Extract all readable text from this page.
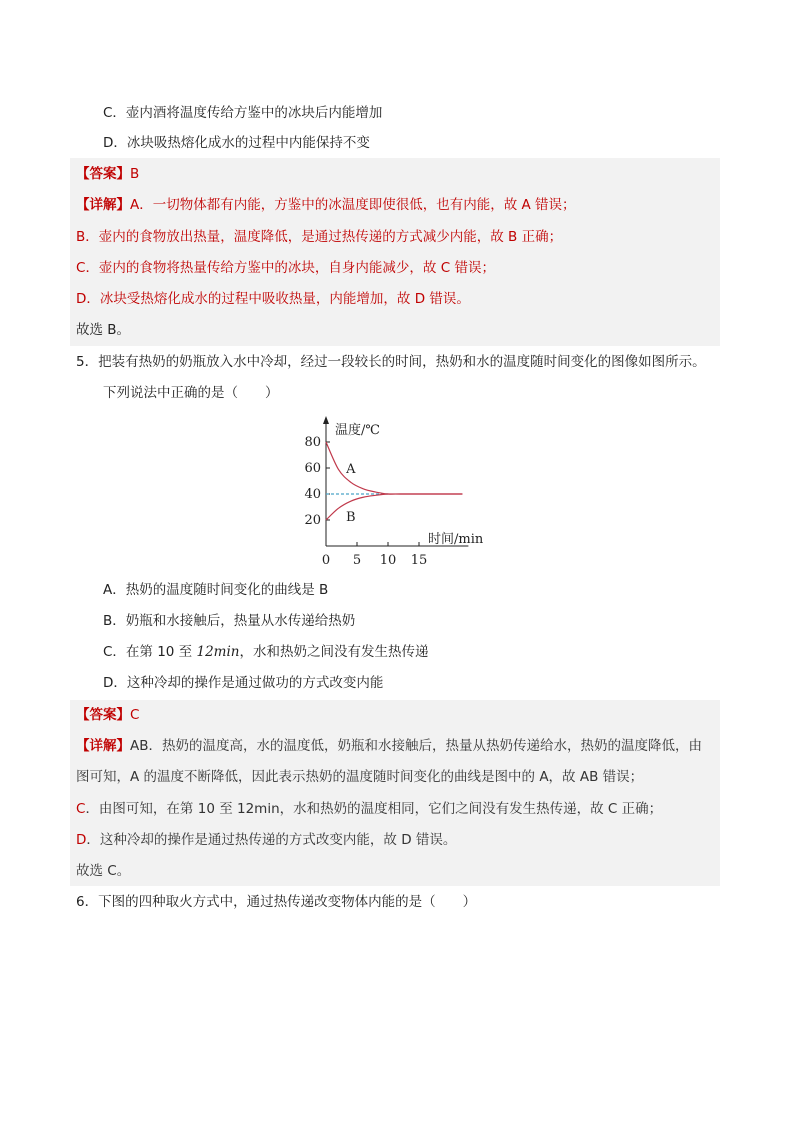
C．壶内酒将温度传给方鉴中的冰块后内能增加
D．冰块吸热熔化成水的过程中内能保持不变
【答案】B
【详解】A．一切物体都有内能，方鉴中的冰温度即使很低，也有内能，故 A 错误；
B．壶内的食物放出热量，温度降低，是通过热传递的方式减少内能，故 B 正确；
C．壶内的食物将热量传给方鉴中的冰块，自身内能减少，故 C 错误；
D．冰块受热熔化成水的过程中吸收热量，内能增加，故 D 错误。
故选 B。
5．把装有热奶的奶瓶放入水中冷却，经过一段较长的时间，热奶和水的温度随时间变化的图像如图所示。
下列说法中正确的是（　　）
20
40
60
80
0 5 10 15
温度/℃
时间/min
A
B
A．热奶的温度随时间变化的曲线是 B
B．奶瓶和水接触后，热量从水传递给热奶
C．在第 10 至 12min，水和热奶之间没有发生热传递
D．这种冷却的操作是通过做功的方式改变内能
【答案】C
【详解】AB．热奶的温度高，水的温度低，奶瓶和水接触后，热量从热奶传递给水，热奶的温度降低，由
图可知，A 的温度不断降低，因此表示热奶的温度随时间变化的曲线是图中的 A，故 AB 错误；
C．由图可知，在第 10 至 12min，水和热奶的温度相同，它们之间没有发生热传递，故 C 正确；
D．这种冷却的操作是通过热传递的方式改变内能，故 D 错误。
故选 C。
6．下图的四种取火方式中，通过热传递改变物体内能的是（　　）
